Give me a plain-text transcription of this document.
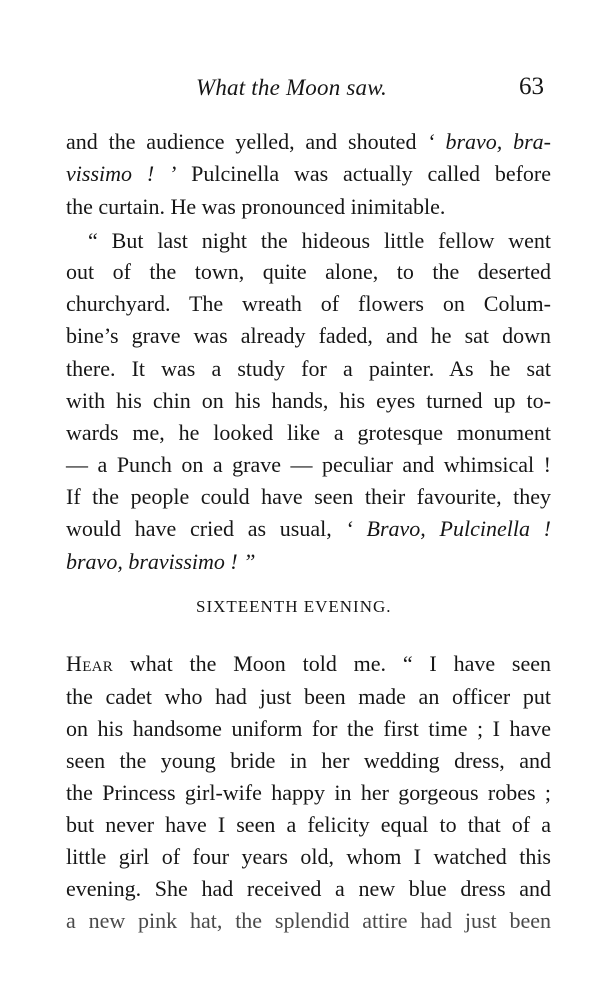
What the Moon saw.	63
and the audience yelled, and shouted ‘ bravo, bra-
vissimo ! ’ Pulcinella was actually called before
the curtain. He was pronounced inimitable.
“ But last night the hideous little fellow went
out of the town, quite alone, to the deserted
churchyard. The wreath of flowers on Colum-
bine’s grave was already faded, and he sat down
there. It was a study for a painter. As he sat
with his chin on his hands, his eyes turned up to-
wards me, he looked like a grotesque monument
— a Punch on a grave — peculiar and whimsical !
If the people could have seen their favourite, they
would have cried as usual, ‘ Bravo, Pulcinella !
bravo, bravissimo ! ”
SIXTEENTH EVENING.
Hear what the Moon told me. “ I have seen
the cadet who had just been made an officer put
on his handsome uniform for the first time ; I have
seen the young bride in her wedding dress, and
the Princess girl-wife happy in her gorgeous robes ;
but never have I seen a felicity equal to that of a
little girl of four years old, whom I watched this
evening. She had received a new blue dress and
a new pink hat, the splendid attire had just been
